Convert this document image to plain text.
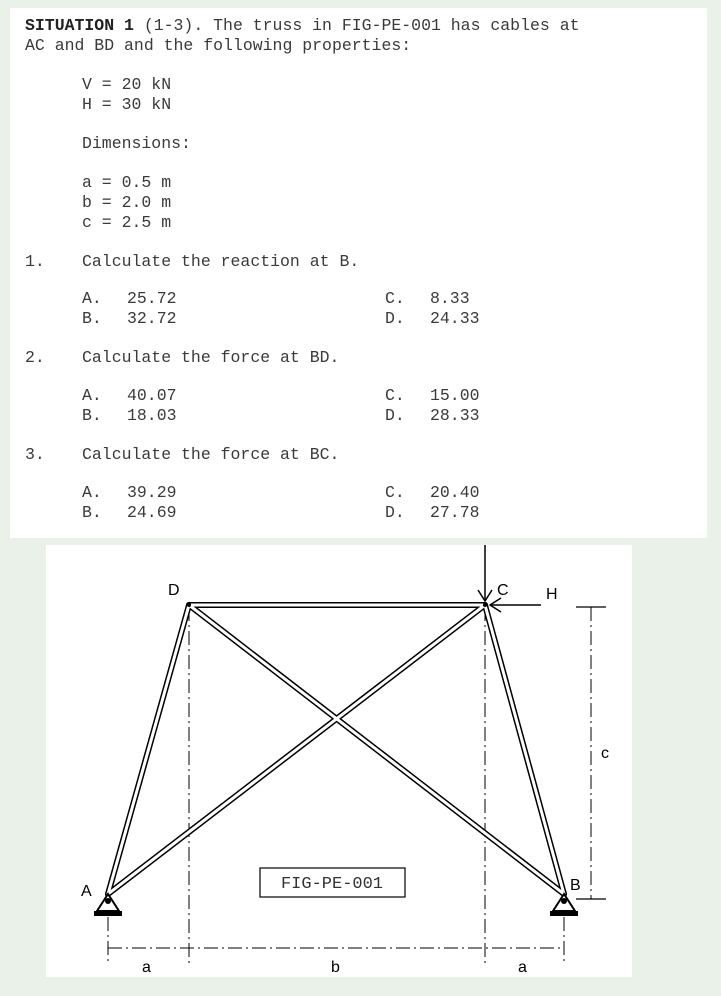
SITUATION 1 (1-3). The truss in FIG-PE-001 has cables at
AC and BD and the following properties:
V = 20 kN
H = 30 kN
Dimensions:
a = 0.5 m
b = 2.0 m
c = 2.5 m
1. Calculate the reaction at B.
A. 25.72
B. 32.72
C. 8.33
D. 24.33
2. Calculate the force at BD.
A. 40.07
B. 18.03
C. 15.00
D. 28.33
3. Calculate the force at BC.
A. 39.29
B. 24.69
C. 20.40
D. 27.78
D	C H
A	B
a	b	a
c
FIG-PE-001
